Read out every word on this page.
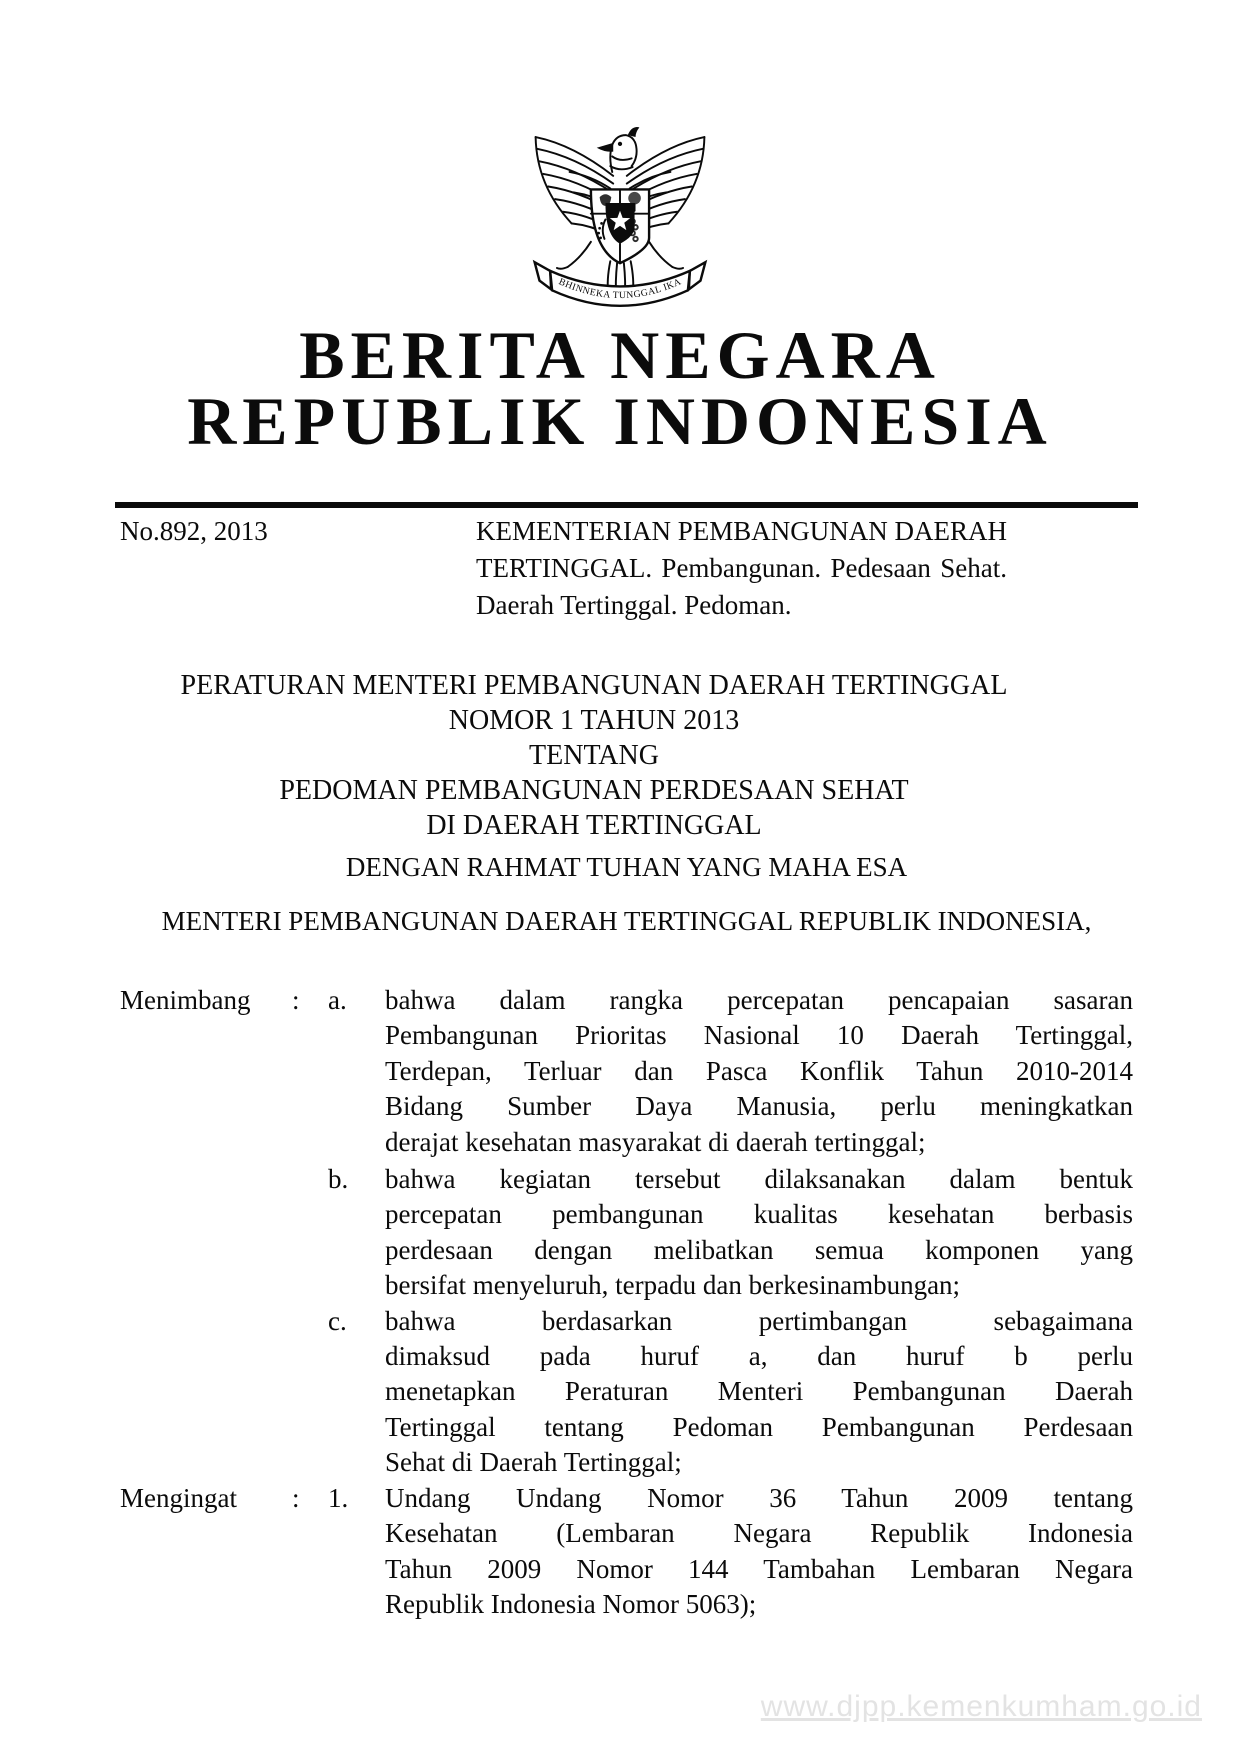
BHINNEKA TUNGGAL IKA
BERITA NEGARA
REPUBLIK INDONESIA
No.892, 2013	KEMENTERIAN PEMBANGUNAN DAERAH
TERTINGGAL. Pembangunan. Pedesaan Sehat.
Daerah Tertinggal. Pedoman.
PERATURAN MENTERI PEMBANGUNAN DAERAH TERTINGGAL
NOMOR 1 TAHUN 2013
TENTANG
PEDOMAN PEMBANGUNAN PERDESAAN SEHAT
DI DAERAH TERTINGGAL
DENGAN RAHMAT TUHAN YANG MAHA ESA
MENTERI PEMBANGUNAN DAERAH TERTINGGAL REPUBLIK INDONESIA,
Menimbang	:	a.	bahwa dalam rangka percepatan pencapaian sasaran
Pembangunan Prioritas Nasional 10 Daerah Tertinggal,
Terdepan, Terluar dan Pasca Konflik Tahun 2010-2014
Bidang Sumber Daya Manusia, perlu meningkatkan
derajat kesehatan masyarakat di daerah tertinggal;
b.	bahwa kegiatan tersebut dilaksanakan dalam bentuk
percepatan pembangunan kualitas kesehatan berbasis
perdesaan dengan melibatkan semua komponen yang
bersifat menyeluruh, terpadu dan berkesinambungan;
c.	bahwa berdasarkan pertimbangan sebagaimana
dimaksud pada huruf a, dan huruf b perlu
menetapkan Peraturan Menteri Pembangunan Daerah
Tertinggal tentang Pedoman Pembangunan Perdesaan
Sehat di Daerah Tertinggal;
Mengingat	:	1.	Undang Undang Nomor 36 Tahun 2009 tentang
Kesehatan (Lembaran Negara Republik Indonesia
Tahun 2009 Nomor 144 Tambahan Lembaran Negara
Republik Indonesia Nomor 5063);
www.djpp.kemenkumham.go.id
